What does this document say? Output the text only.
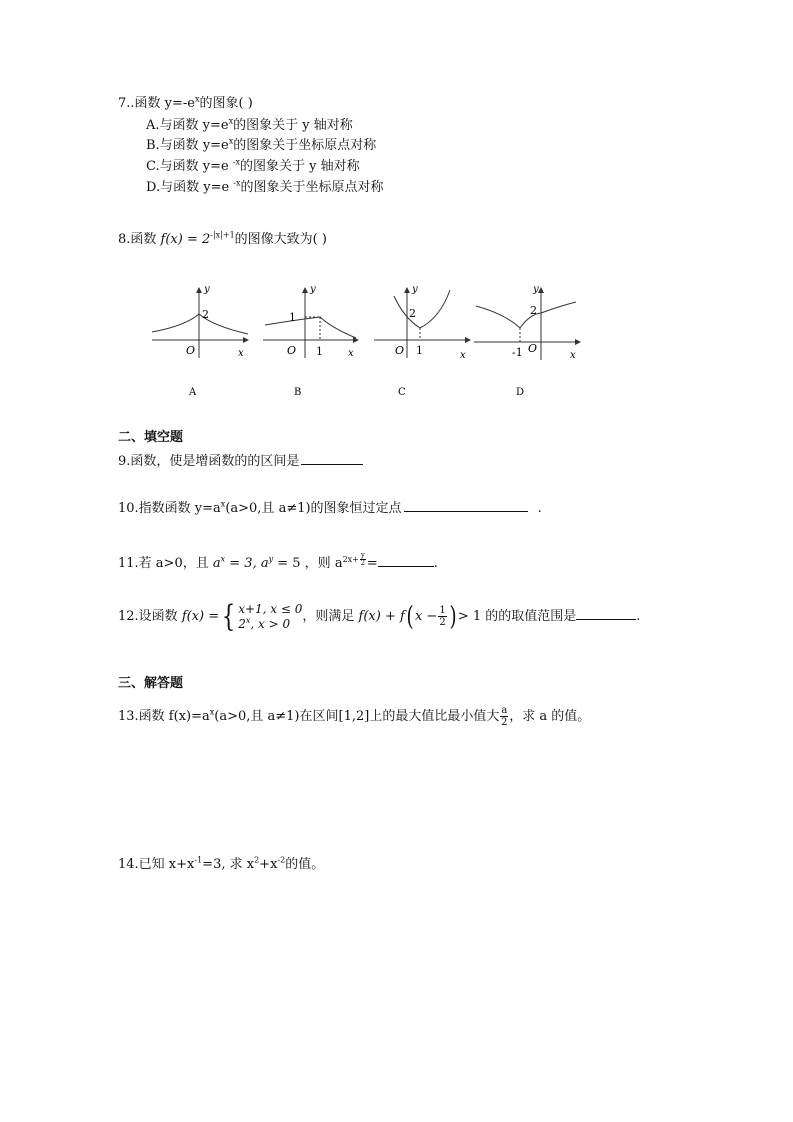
7..函数 $y=-e^x$的图象( )
A.与函数 $y=e^x$的图象关于 y 轴对称
B.与函数 $y=e^x$的图象关于坐标原点对称
C.与函数 y=e $^{-x}$的图象关于 y 轴对称
D.与函数 y=e $^{-x}$的图象关于坐标原点对称
8.函数 $f(x) = 2^{-|x|+1}$的图像大致为( )
y
x
O
2
A
y
x
O
1
1
B
y
x
O
2
1
C
y
x
O
2
-1
D
二、填空题
9.函数，使是增函数的的区间是
10.指数函数 $y=a^x(a>0$,且 a≠1)的图象恒过定点	.
11.若 a>0，且 $a^x = 3$, $a^y = 5$ ，则 $a^{2x+ \frac{y}{2}}$ =	.
12.设函数 f(x) ={ x+1, x ≤ 0
2$^x$, x > 0 ，则满足 f(x) + f( $x - \frac{1}{2}$ ) > 1 的的取值范围是	.
三、解答题
13.函数 $f(x)=a^x(a>0$,且 a≠1)在区间[1,2]上的最大值比最小值大 $\frac{a}{2}$ ，求 a 的值。
14.已知 $x+x^{-1}=3$, 求 $x^2+x^{-2}$的值。
